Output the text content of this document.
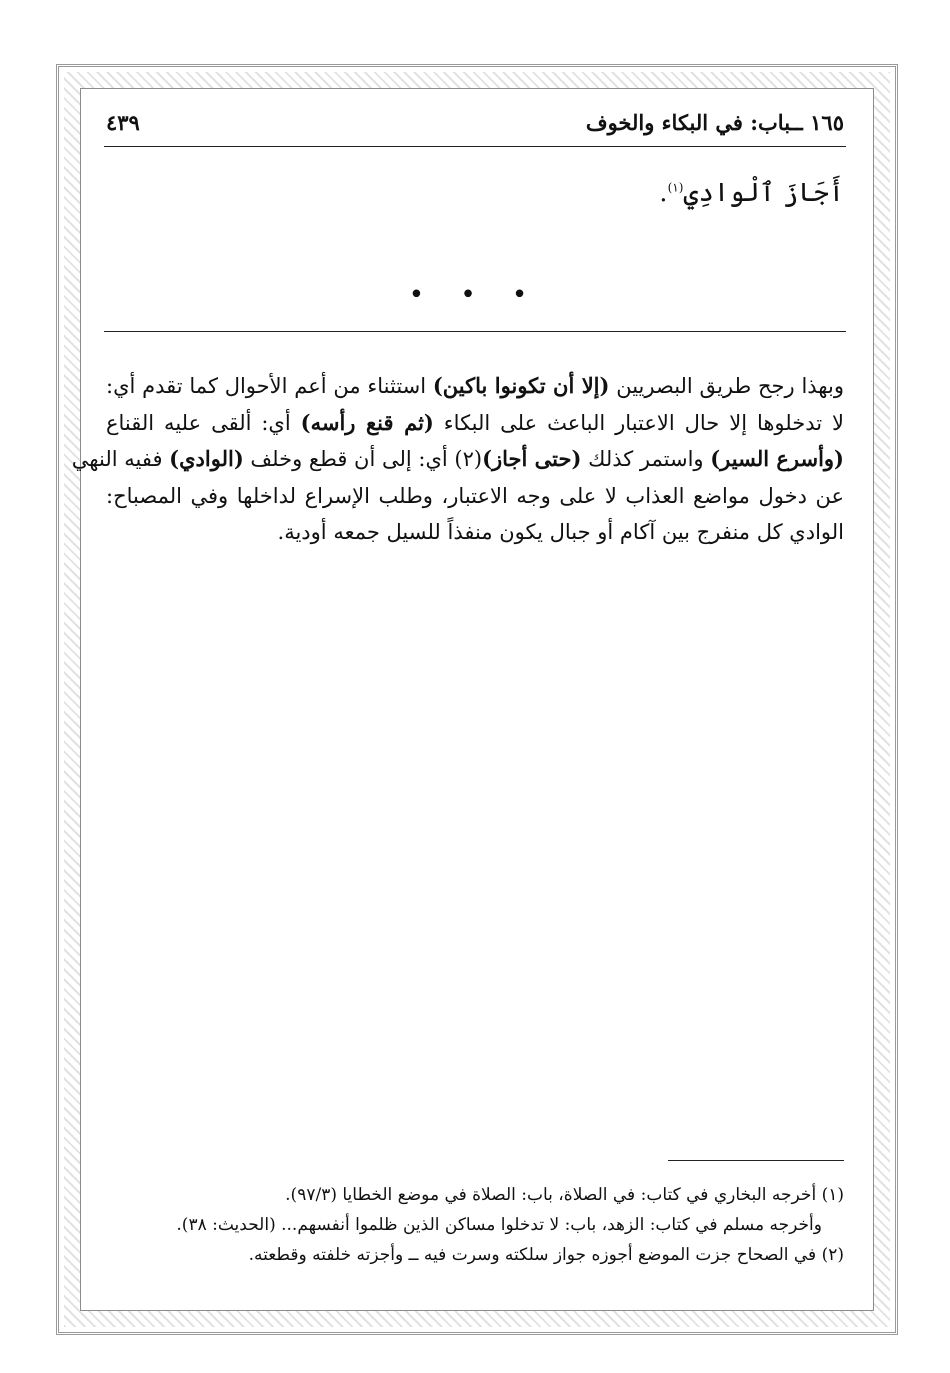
١٦٥ ــباب: في البكاء والخوف
٤٣٩
أَجَازَ ٱلْوادِيِ$^{(١)}$.
• • •
وبهذا رجح طريق البصريين (إلا أن تكونوا باكين) استثناء من أعم الأحوال كما تقدم أي:
لا تدخلوها إلا حال الاعتبار الباعث على البكاء (ثم قنع رأسه) أي: ألقى عليه القناع
(وأسرع السير) واستمر كذلك (حتى أجاز)(٢) أي: إلى أن قطع وخلف (الوادي) ففيه النهي
عن دخول مواضع العذاب لا على وجه الاعتبار، وطلب الإسراع لداخلها وفي المصباح:
الوادي كل منفرج بين آكام أو جبال يكون منفذاً للسيل جمعه أودية.
(١) أخرجه البخاري في كتاب: في الصلاة، باب: الصلاة في موضع الخطايا (٩٧/٣).
وأخرجه مسلم في كتاب: الزهد، باب: لا تدخلوا مساكن الذين ظلموا أنفسهم... (الحديث: ٣٨).
(٢) في الصحاح جزت الموضع أجوزه جواز سلكته وسرت فيه ــ وأجزته خلفته وقطعته.
